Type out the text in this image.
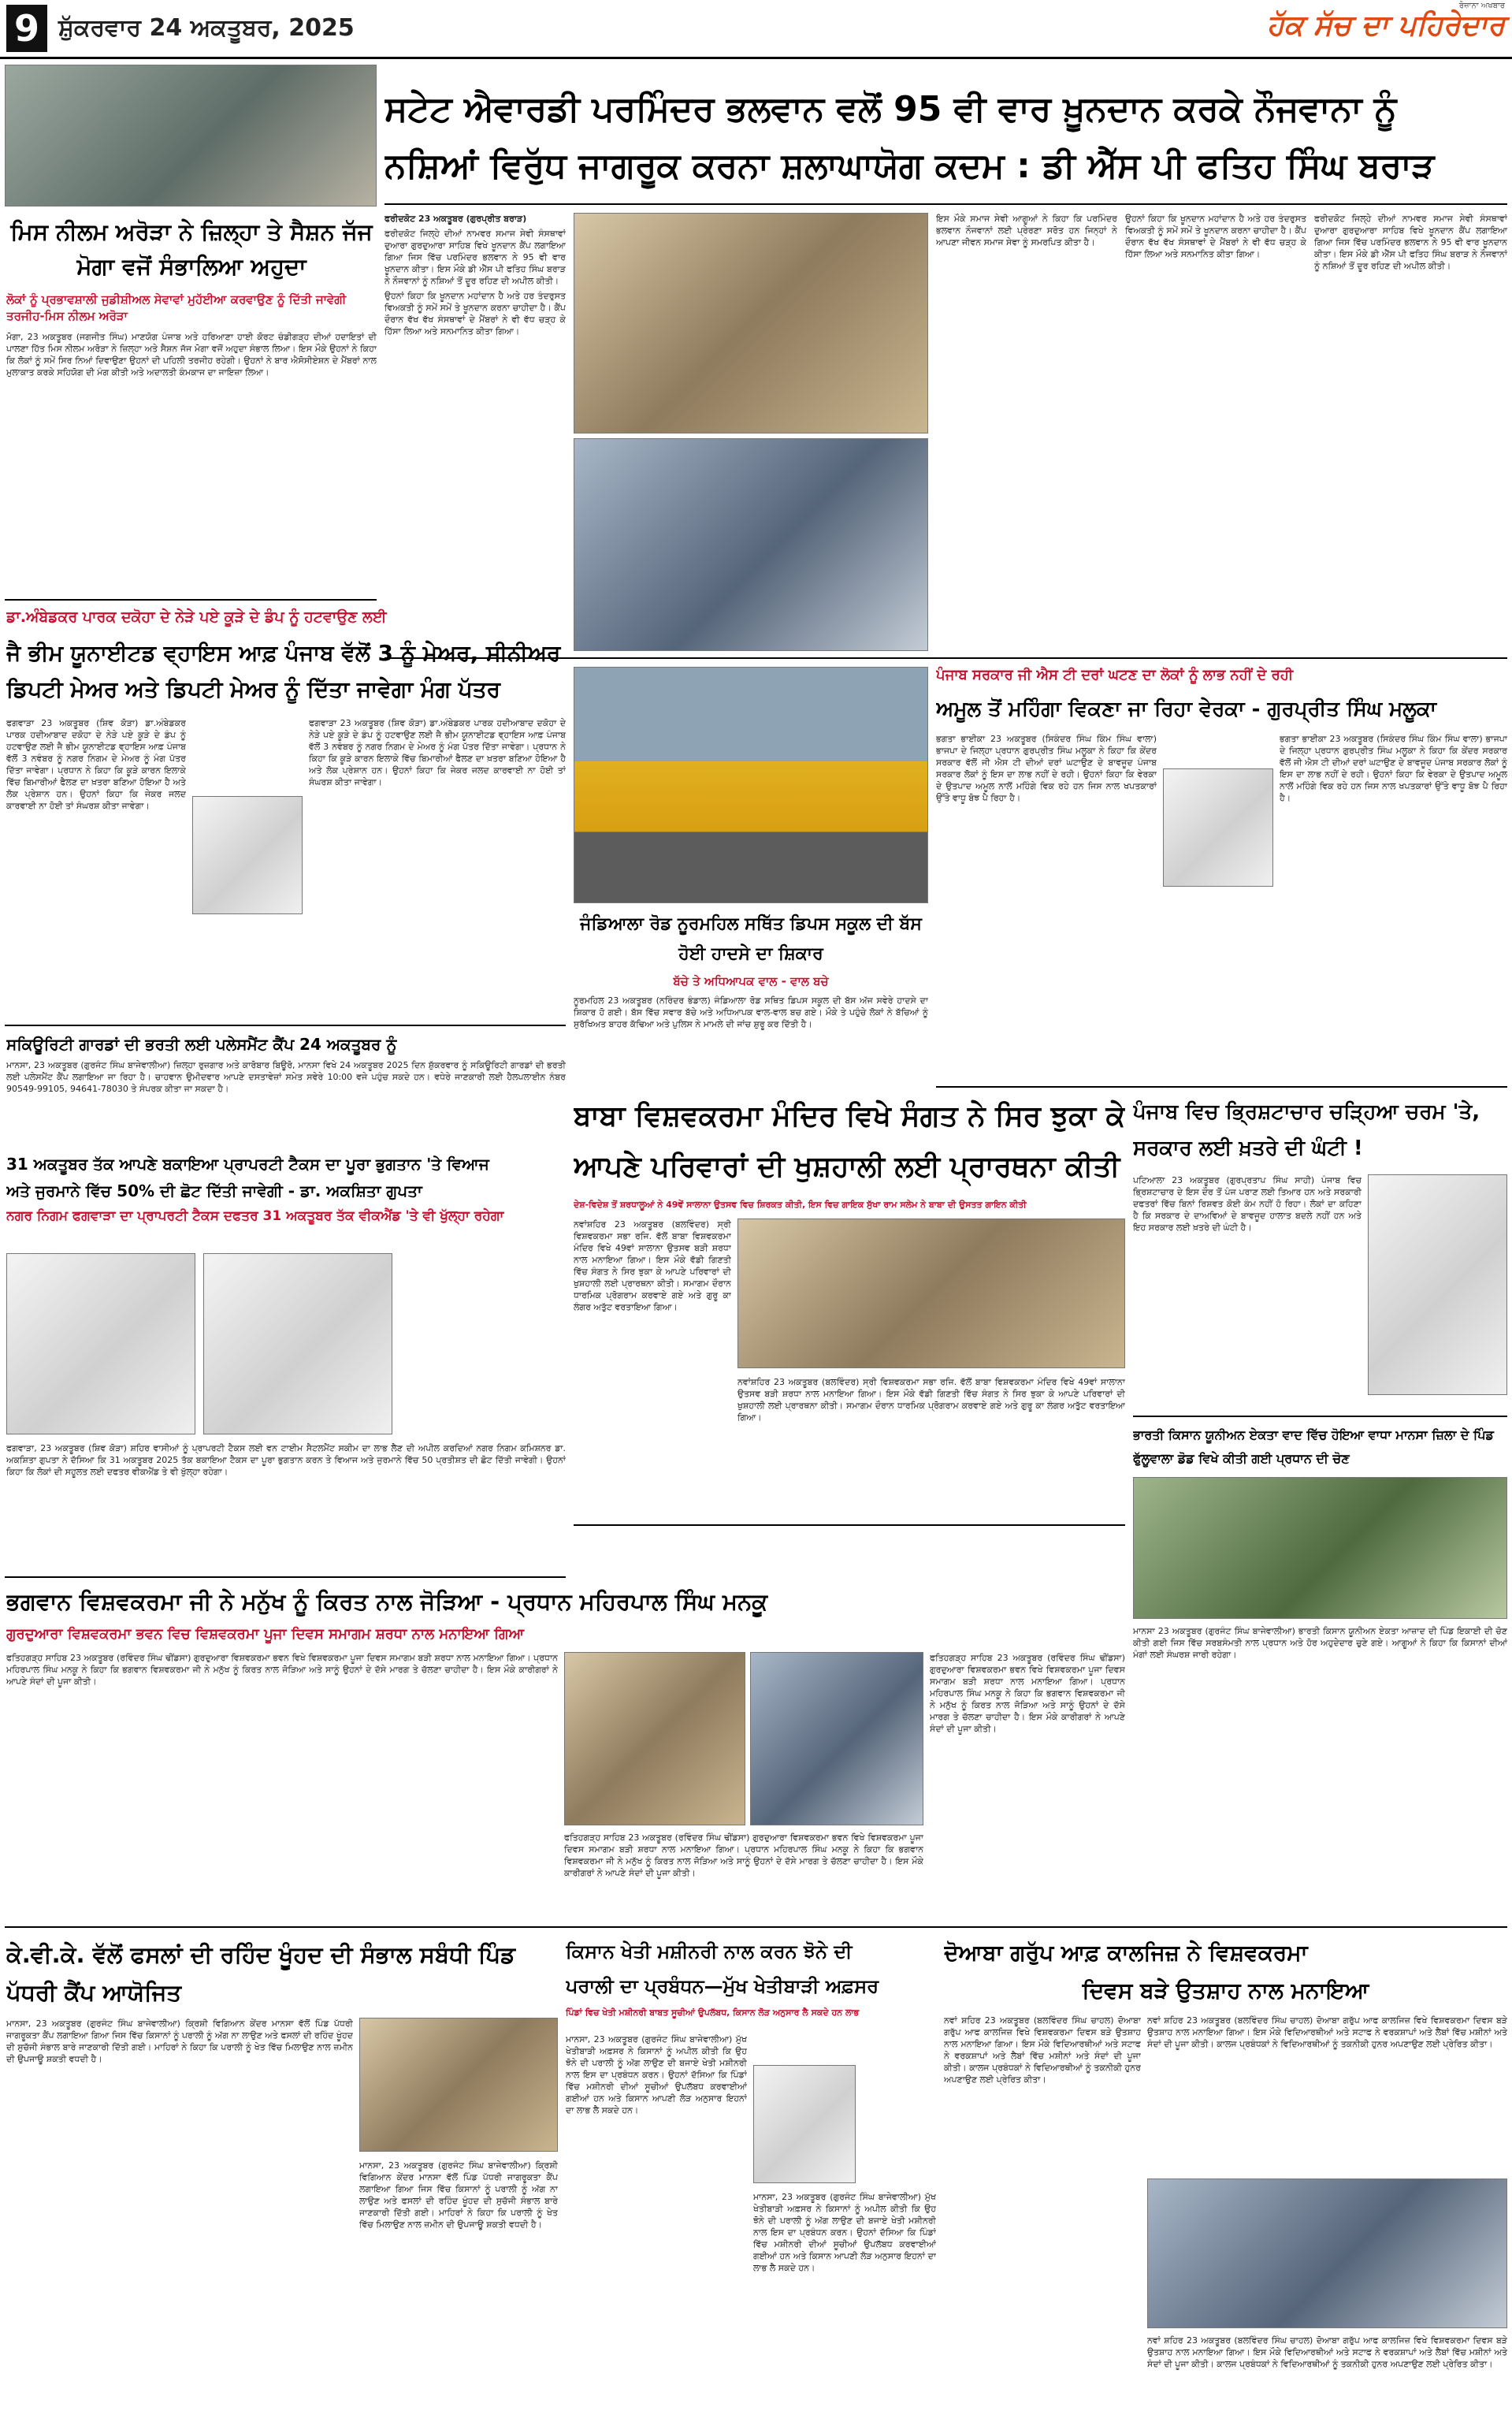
9 ਸ਼ੁੱਕਰਵਾਰ 24 ਅਕਤੂਬਰ, 2025
ਰੋਜ਼ਾਨਾ ਅਖਬਾਰ
ਹੱਕ ਸੱਚ ਦਾ ਪਹਿਰੇਦਾਰ
ਸਟੇਟ ਐਵਾਰਡੀ ਪਰਮਿੰਦਰ ਭਲਵਾਨ ਵਲੋਂ 95 ਵੀ ਵਾਰ ਖ਼ੂਨਦਾਨ ਕਰਕੇ ਨੌਜਵਾਨਾ ਨੂੰ
ਨਸ਼ਿਆਂ ਵਿਰੁੱਧ ਜਾਗਰੂਕ ਕਰਨਾ ਸ਼ਲਾਘਾਯੋਗ ਕਦਮ : ਡੀ ਐੱਸ ਪੀ ਫਤਿਹ ਸਿੰਘ ਬਰਾੜ
ਮਿਸ ਨੀਲਮ ਅਰੋੜਾ ਨੇ ਜ਼ਿਲ੍ਹਾ ਤੇ ਸੈਸ਼ਨ ਜੱਜ ਮੋਗਾ ਵਜੋਂ ਸੰਭਾਲਿਆ ਅਹੁਦਾ
ਲੋਕਾਂ ਨੂੰ ਪ੍ਰਭਾਵਸ਼ਾਲੀ ਜੁਡੀਸ਼ੀਅਲ ਸੇਵਾਵਾਂ ਮੁਹੱਈਆ ਕਰਵਾਉਣ ਨੂੰ ਦਿੱਤੀ ਜਾਵੇਗੀ ਤਰਜੀਹ-ਮਿਸ ਨੀਲਮ ਅਰੋੜਾ
ਮੋਗਾ, 23 ਅਕਤੂਬਰ (ਜਗਜੀਤ ਸਿੰਘ) ਮਾਣਯੋਗ ਪੰਜਾਬ ਅਤੇ ਹਰਿਆਣਾ ਹਾਈ ਕੋਰਟ ਚੰਡੀਗੜ੍ਹ ਦੀਆਂ ਹਦਾਇਤਾਂ ਦੀ ਪਾਲਣਾ ਹਿੱਤ ਮਿਸ ਨੀਲਮ ਅਰੋੜਾ ਨੇ ਜ਼ਿਲ੍ਹਾ ਅਤੇ ਸੈਸ਼ਨ ਜੱਜ ਮੋਗਾ ਵਜੋਂ ਅਹੁਦਾ ਸੰਭਾਲ ਲਿਆ। ਇਸ ਮੌਕੇ ਉਹਨਾਂ ਨੇ ਕਿਹਾ ਕਿ ਲੋਕਾਂ ਨੂੰ ਸਮੇਂ ਸਿਰ ਨਿਆਂ ਦਿਵਾਉਣਾ ਉਹਨਾਂ ਦੀ ਪਹਿਲੀ ਤਰਜੀਹ ਰਹੇਗੀ। ਉਹਨਾਂ ਨੇ ਬਾਰ ਐਸੋਸੀਏਸ਼ਨ ਦੇ ਮੈਂਬਰਾਂ ਨਾਲ ਮੁਲਾਕਾਤ ਕਰਕੇ ਸਹਿਯੋਗ ਦੀ ਮੰਗ ਕੀਤੀ ਅਤੇ ਅਦਾਲਤੀ ਕੰਮਕਾਜ ਦਾ ਜਾਇਜ਼ਾ ਲਿਆ।

ਫਰੀਦਕੋਟ 23 ਅਕਤੂਬਰ (ਗੁਰਪ੍ਰੀਤ ਬਰਾੜ)

ਫਰੀਦਕੋਟ ਜਿਲ੍ਹੇ ਦੀਆਂ ਨਾਮਵਰ ਸਮਾਜ ਸੇਵੀ ਸੰਸਥਾਵਾਂ ਦੁਆਰਾ ਗੁਰਦੁਆਰਾ ਸਾਹਿਬ ਵਿਖੇ ਖੂਨਦਾਨ ਕੈਂਪ ਲਗਾਇਆ ਗਿਆ ਜਿਸ ਵਿੱਚ ਪਰਮਿੰਦਰ ਭਲਵਾਨ ਨੇ 95 ਵੀ ਵਾਰ ਖੂਨਦਾਨ ਕੀਤਾ। ਇਸ ਮੌਕੇ ਡੀ ਐੱਸ ਪੀ ਫਤਿਹ ਸਿੰਘ ਬਰਾੜ ਨੇ ਨੌਜਵਾਨਾਂ ਨੂੰ ਨਸ਼ਿਆਂ ਤੋਂ ਦੂਰ ਰਹਿਣ ਦੀ ਅਪੀਲ ਕੀਤੀ।

ਉਹਨਾਂ ਕਿਹਾ ਕਿ ਖੂਨਦਾਨ ਮਹਾਂਦਾਨ ਹੈ ਅਤੇ ਹਰ ਤੰਦਰੁਸਤ ਵਿਅਕਤੀ ਨੂੰ ਸਮੇਂ ਸਮੇਂ ਤੇ ਖੂਨਦਾਨ ਕਰਨਾ ਚਾਹੀਦਾ ਹੈ। ਕੈਂਪ ਦੌਰਾਨ ਵੱਖ ਵੱਖ ਸੰਸਥਾਵਾਂ ਦੇ ਮੈਂਬਰਾਂ ਨੇ ਵੀ ਵੱਧ ਚੜ੍ਹ ਕੇ ਹਿੱਸਾ ਲਿਆ ਅਤੇ ਸਨਮਾਨਿਤ ਕੀਤਾ ਗਿਆ।

ਇਸ ਮੌਕੇ ਸਮਾਜ ਸੇਵੀ ਆਗੂਆਂ ਨੇ ਕਿਹਾ ਕਿ ਪਰਮਿੰਦਰ ਭਲਵਾਨ ਨੌਜਵਾਨਾਂ ਲਈ ਪ੍ਰੇਰਣਾ ਸਰੋਤ ਹਨ ਜਿਨ੍ਹਾਂ ਨੇ ਆਪਣਾ ਜੀਵਨ ਸਮਾਜ ਸੇਵਾ ਨੂੰ ਸਮਰਪਿਤ ਕੀਤਾ ਹੈ।
ਉਹਨਾਂ ਕਿਹਾ ਕਿ ਖੂਨਦਾਨ ਮਹਾਂਦਾਨ ਹੈ ਅਤੇ ਹਰ ਤੰਦਰੁਸਤ ਵਿਅਕਤੀ ਨੂੰ ਸਮੇਂ ਸਮੇਂ ਤੇ ਖੂਨਦਾਨ ਕਰਨਾ ਚਾਹੀਦਾ ਹੈ। ਕੈਂਪ ਦੌਰਾਨ ਵੱਖ ਵੱਖ ਸੰਸਥਾਵਾਂ ਦੇ ਮੈਂਬਰਾਂ ਨੇ ਵੀ ਵੱਧ ਚੜ੍ਹ ਕੇ ਹਿੱਸਾ ਲਿਆ ਅਤੇ ਸਨਮਾਨਿਤ ਕੀਤਾ ਗਿਆ।
ਫਰੀਦਕੋਟ ਜਿਲ੍ਹੇ ਦੀਆਂ ਨਾਮਵਰ ਸਮਾਜ ਸੇਵੀ ਸੰਸਥਾਵਾਂ ਦੁਆਰਾ ਗੁਰਦੁਆਰਾ ਸਾਹਿਬ ਵਿਖੇ ਖੂਨਦਾਨ ਕੈਂਪ ਲਗਾਇਆ ਗਿਆ ਜਿਸ ਵਿੱਚ ਪਰਮਿੰਦਰ ਭਲਵਾਨ ਨੇ 95 ਵੀ ਵਾਰ ਖੂਨਦਾਨ ਕੀਤਾ। ਇਸ ਮੌਕੇ ਡੀ ਐੱਸ ਪੀ ਫਤਿਹ ਸਿੰਘ ਬਰਾੜ ਨੇ ਨੌਜਵਾਨਾਂ ਨੂੰ ਨਸ਼ਿਆਂ ਤੋਂ ਦੂਰ ਰਹਿਣ ਦੀ ਅਪੀਲ ਕੀਤੀ।
ਡਾ.ਅੰਬੇਡਕਰ ਪਾਰਕ ਦਕੋਹਾ ਦੇ ਨੇੜੇ ਪਏ ਕੂੜੇ ਦੇ ਡੰਪ ਨੂੰ ਹਟਵਾਉਣ ਲਈ
ਜੈ ਭੀਮ ਯੂਨਾਈਟਡ ਵ੍ਹਾਇਸ ਆਫ਼ ਪੰਜਾਬ ਵੱਲੋਂ 3 ਨੂੰ ਮੇਅਰ, ਸੀਨੀਅਰ ਡਿਪਟੀ ਮੇਅਰ ਅਤੇ ਡਿਪਟੀ ਮੇਅਰ ਨੂੰ ਦਿੱਤਾ ਜਾਵੇਗਾ ਮੰਗ ਪੱਤਰ
ਫਗਵਾੜਾ 23 ਅਕਤੂਬਰ (ਸ਼ਿਵ ਕੋੜਾ) ਡਾ.ਅੰਬੇਡਕਰ ਪਾਰਕ ਹਦੀਆਬਾਦ ਦਕੋਹਾ ਦੇ ਨੇੜੇ ਪਏ ਕੂੜੇ ਦੇ ਡੰਪ ਨੂੰ ਹਟਵਾਉਣ ਲਈ ਜੈ ਭੀਮ ਯੂਨਾਈਟਡ ਵ੍ਹਾਇਸ ਆਫ਼ ਪੰਜਾਬ ਵੱਲੋਂ 3 ਨਵੰਬਰ ਨੂੰ ਨਗਰ ਨਿਗਮ ਦੇ ਮੇਅਰ ਨੂੰ ਮੰਗ ਪੱਤਰ ਦਿੱਤਾ ਜਾਵੇਗਾ। ਪ੍ਰਧਾਨ ਨੇ ਕਿਹਾ ਕਿ ਕੂੜੇ ਕਾਰਨ ਇਲਾਕੇ ਵਿੱਚ ਬਿਮਾਰੀਆਂ ਫੈਲਣ ਦਾ ਖ਼ਤਰਾ ਬਣਿਆ ਹੋਇਆ ਹੈ ਅਤੇ ਲੋਕ ਪ੍ਰੇਸ਼ਾਨ ਹਨ। ਉਹਨਾਂ ਕਿਹਾ ਕਿ ਜੇਕਰ ਜਲਦ ਕਾਰਵਾਈ ਨਾ ਹੋਈ ਤਾਂ ਸੰਘਰਸ਼ ਕੀਤਾ ਜਾਵੇਗਾ।
ਫਗਵਾੜਾ 23 ਅਕਤੂਬਰ (ਸ਼ਿਵ ਕੋੜਾ) ਡਾ.ਅੰਬੇਡਕਰ ਪਾਰਕ ਹਦੀਆਬਾਦ ਦਕੋਹਾ ਦੇ ਨੇੜੇ ਪਏ ਕੂੜੇ ਦੇ ਡੰਪ ਨੂੰ ਹਟਵਾਉਣ ਲਈ ਜੈ ਭੀਮ ਯੂਨਾਈਟਡ ਵ੍ਹਾਇਸ ਆਫ਼ ਪੰਜਾਬ ਵੱਲੋਂ 3 ਨਵੰਬਰ ਨੂੰ ਨਗਰ ਨਿਗਮ ਦੇ ਮੇਅਰ ਨੂੰ ਮੰਗ ਪੱਤਰ ਦਿੱਤਾ ਜਾਵੇਗਾ। ਪ੍ਰਧਾਨ ਨੇ ਕਿਹਾ ਕਿ ਕੂੜੇ ਕਾਰਨ ਇਲਾਕੇ ਵਿੱਚ ਬਿਮਾਰੀਆਂ ਫੈਲਣ ਦਾ ਖ਼ਤਰਾ ਬਣਿਆ ਹੋਇਆ ਹੈ ਅਤੇ ਲੋਕ ਪ੍ਰੇਸ਼ਾਨ ਹਨ। ਉਹਨਾਂ ਕਿਹਾ ਕਿ ਜੇਕਰ ਜਲਦ ਕਾਰਵਾਈ ਨਾ ਹੋਈ ਤਾਂ ਸੰਘਰਸ਼ ਕੀਤਾ ਜਾਵੇਗਾ।
ਜੰਡਿਆਲਾ ਰੋਡ ਨੂਰਮਹਿਲ ਸਥਿੱਤ ਡਿਪਸ ਸਕੂਲ ਦੀ ਬੱਸ ਹੋਈ ਹਾਦਸੇ ਦਾ ਸ਼ਿਕਾਰ
ਬੱਚੇ ਤੇ ਅਧਿਆਪਕ ਵਾਲ - ਵਾਲ ਬਚੇ
ਨੂਰਮਹਿਲ 23 ਅਕਤੂਬਰ (ਨਰਿੰਦਰ ਭੰਡਾਲ) ਜੰਡਿਆਲਾ ਰੋਡ ਸਥਿਤ ਡਿਪਸ ਸਕੂਲ ਦੀ ਬੱਸ ਅੱਜ ਸਵੇਰੇ ਹਾਦਸੇ ਦਾ ਸ਼ਿਕਾਰ ਹੋ ਗਈ। ਬੱਸ ਵਿੱਚ ਸਵਾਰ ਬੱਚੇ ਅਤੇ ਅਧਿਆਪਕ ਵਾਲ-ਵਾਲ ਬਚ ਗਏ। ਮੌਕੇ ਤੇ ਪਹੁੰਚੇ ਲੋਕਾਂ ਨੇ ਬੱਚਿਆਂ ਨੂੰ ਸੁਰੱਖਿਅਤ ਬਾਹਰ ਕੱਢਿਆ ਅਤੇ ਪੁਲਿਸ ਨੇ ਮਾਮਲੇ ਦੀ ਜਾਂਚ ਸ਼ੁਰੂ ਕਰ ਦਿੱਤੀ ਹੈ।
ਪੰਜਾਬ ਸਰਕਾਰ ਜੀ ਐਸ ਟੀ ਦਰਾਂ ਘਟਣ ਦਾ ਲੋਕਾਂ ਨੂੰ ਲਾਭ ਨਹੀਂ ਦੇ ਰਹੀ
ਅਮੂਲ ਤੋਂ ਮਹਿੰਗਾ ਵਿਕਣਾ ਜਾ ਰਿਹਾ ਵੇਰਕਾ - ਗੁਰਪ੍ਰੀਤ ਸਿੰਘ ਮਲੂਕਾ
ਭਗਤਾ ਭਾਈਕਾ 23 ਅਕਤੂਬਰ (ਸਿਕੰਦਰ ਸਿੰਘ ਕਿੰਮ ਸਿੰਘ ਵਾਲਾ) ਭਾਜਪਾ ਦੇ ਜਿਲ੍ਹਾ ਪ੍ਰਧਾਨ ਗੁਰਪ੍ਰੀਤ ਸਿੰਘ ਮਲੂਕਾ ਨੇ ਕਿਹਾ ਕਿ ਕੇਂਦਰ ਸਰਕਾਰ ਵੱਲੋਂ ਜੀ ਐਸ ਟੀ ਦੀਆਂ ਦਰਾਂ ਘਟਾਉਣ ਦੇ ਬਾਵਜੂਦ ਪੰਜਾਬ ਸਰਕਾਰ ਲੋਕਾਂ ਨੂੰ ਇਸ ਦਾ ਲਾਭ ਨਹੀਂ ਦੇ ਰਹੀ। ਉਹਨਾਂ ਕਿਹਾ ਕਿ ਵੇਰਕਾ ਦੇ ਉਤਪਾਦ ਅਮੂਲ ਨਾਲੋਂ ਮਹਿੰਗੇ ਵਿਕ ਰਹੇ ਹਨ ਜਿਸ ਨਾਲ ਖਪਤਕਾਰਾਂ ਉੱਤੇ ਵਾਧੂ ਬੋਝ ਪੈ ਰਿਹਾ ਹੈ।
ਭਗਤਾ ਭਾਈਕਾ 23 ਅਕਤੂਬਰ (ਸਿਕੰਦਰ ਸਿੰਘ ਕਿੰਮ ਸਿੰਘ ਵਾਲਾ) ਭਾਜਪਾ ਦੇ ਜਿਲ੍ਹਾ ਪ੍ਰਧਾਨ ਗੁਰਪ੍ਰੀਤ ਸਿੰਘ ਮਲੂਕਾ ਨੇ ਕਿਹਾ ਕਿ ਕੇਂਦਰ ਸਰਕਾਰ ਵੱਲੋਂ ਜੀ ਐਸ ਟੀ ਦੀਆਂ ਦਰਾਂ ਘਟਾਉਣ ਦੇ ਬਾਵਜੂਦ ਪੰਜਾਬ ਸਰਕਾਰ ਲੋਕਾਂ ਨੂੰ ਇਸ ਦਾ ਲਾਭ ਨਹੀਂ ਦੇ ਰਹੀ। ਉਹਨਾਂ ਕਿਹਾ ਕਿ ਵੇਰਕਾ ਦੇ ਉਤਪਾਦ ਅਮੂਲ ਨਾਲੋਂ ਮਹਿੰਗੇ ਵਿਕ ਰਹੇ ਹਨ ਜਿਸ ਨਾਲ ਖਪਤਕਾਰਾਂ ਉੱਤੇ ਵਾਧੂ ਬੋਝ ਪੈ ਰਿਹਾ ਹੈ।
ਸਕਿਊਰਿਟੀ ਗਾਰਡਾਂ ਦੀ ਭਰਤੀ ਲਈ ਪਲੇਸਮੈਂਟ ਕੈਂਪ 24 ਅਕਤੂਬਰ ਨੂੰ
ਮਾਨਸਾ, 23 ਅਕਤੂਬਰ (ਗੁਰਜੰਟ ਸਿੰਘ ਬਾਜੇਵਾਲੀਆ) ਜ਼ਿਲ੍ਹਾ ਰੁਜ਼ਗਾਰ ਅਤੇ ਕਾਰੋਬਾਰ ਬਿਊਰੋ, ਮਾਨਸਾ ਵਿਖੇ 24 ਅਕਤੂਬਰ 2025 ਦਿਨ ਸ਼ੁੱਕਰਵਾਰ ਨੂੰ ਸਕਿਊਰਿਟੀ ਗਾਰਡਾਂ ਦੀ ਭਰਤੀ ਲਈ ਪਲੇਸਮੈਂਟ ਕੈਂਪ ਲਗਾਇਆ ਜਾ ਰਿਹਾ ਹੈ। ਚਾਹਵਾਨ ਉਮੀਦਵਾਰ ਆਪਣੇ ਦਸਤਾਵੇਜ਼ਾਂ ਸਮੇਤ ਸਵੇਰੇ 10:00 ਵਜੇ ਪਹੁੰਚ ਸਕਦੇ ਹਨ। ਵਧੇਰੇ ਜਾਣਕਾਰੀ ਲਈ ਹੈਲਪਲਾਈਨ ਨੰਬਰ 90549-99105, 94641-78030 ਤੇ ਸੰਪਰਕ ਕੀਤਾ ਜਾ ਸਕਦਾ ਹੈ।
31 ਅਕਤੂਬਰ ਤੱਕ ਆਪਣੇ ਬਕਾਇਆ ਪ੍ਰਾਪਰਟੀ ਟੈਕਸ ਦਾ ਪੂਰਾ ਭੁਗਤਾਨ 'ਤੇ ਵਿਆਜ
ਅਤੇ ਜੁਰਮਾਨੇ ਵਿੱਚ 50% ਦੀ ਛੋਟ ਦਿੱਤੀ ਜਾਵੇਗੀ - ਡਾ. ਅਕਸ਼ਿਤਾ ਗੁਪਤਾ
ਨਗਰ ਨਿਗਮ ਫਗਵਾੜਾ ਦਾ ਪ੍ਰਾਪਰਟੀ ਟੈਕਸ ਦਫਤਰ 31 ਅਕਤੂਬਰ ਤੱਕ ਵੀਕਐਂਡ 'ਤੇ ਵੀ ਖੁੱਲ੍ਹਾ ਰਹੇਗਾ
ਫਗਵਾੜਾ, 23 ਅਕਤੂਬਰ (ਸ਼ਿਵ ਕੋੜਾ) ਸ਼ਹਿਰ ਵਾਸੀਆਂ ਨੂੰ ਪ੍ਰਾਪਰਟੀ ਟੈਕਸ ਲਈ ਵਨ ਟਾਈਮ ਸੈਟਲਮੈਂਟ ਸਕੀਮ ਦਾ ਲਾਭ ਲੈਣ ਦੀ ਅਪੀਲ ਕਰਦਿਆਂ ਨਗਰ ਨਿਗਮ ਕਮਿਸ਼ਨਰ ਡਾ. ਅਕਸ਼ਿਤਾ ਗੁਪਤਾ ਨੇ ਦੱਸਿਆ ਕਿ 31 ਅਕਤੂਬਰ 2025 ਤੱਕ ਬਕਾਇਆ ਟੈਕਸ ਦਾ ਪੂਰਾ ਭੁਗਤਾਨ ਕਰਨ ਤੇ ਵਿਆਜ ਅਤੇ ਜੁਰਮਾਨੇ ਵਿੱਚ 50 ਪ੍ਰਤੀਸ਼ਤ ਦੀ ਛੋਟ ਦਿੱਤੀ ਜਾਵੇਗੀ। ਉਹਨਾਂ ਕਿਹਾ ਕਿ ਲੋਕਾਂ ਦੀ ਸਹੂਲਤ ਲਈ ਦਫਤਰ ਵੀਕਐਂਡ ਤੇ ਵੀ ਖੁੱਲ੍ਹਾ ਰਹੇਗਾ।
ਬਾਬਾ ਵਿਸ਼ਵਕਰਮਾ ਮੰਦਿਰ ਵਿਖੇ ਸੰਗਤ ਨੇ ਸਿਰ ਝੁਕਾ ਕੇ
ਆਪਣੇ ਪਰਿਵਾਰਾਂ ਦੀ ਖੁਸ਼ਹਾਲੀ ਲਈ ਪ੍ਰਾਰਥਨਾ ਕੀਤੀ
ਦੇਸ਼-ਵਿਦੇਸ਼ ਤੋਂ ਸ਼ਰਧਾਲੂਆਂ ਨੇ 49ਵੇਂ ਸਾਲਾਨਾ ਉਤਸਵ ਵਿਚ ਸ਼ਿਰਕਤ ਕੀਤੀ, ਇਸ ਵਿਚ ਗਾਇਕ ਸੁੱਖਾ ਰਾਮ ਸਲੇਮ ਨੇ ਬਾਬਾ ਦੀ ਉਸਤਤ ਗਾਇਨ ਕੀਤੀ
ਨਵਾਂਸ਼ਹਿਰ 23 ਅਕਤੂਬਰ (ਬਲਵਿੰਦਰ) ਸ੍ਰੀ ਵਿਸ਼ਵਕਰਮਾ ਸਭਾ ਰਜਿ. ਵੱਲੋਂ ਬਾਬਾ ਵਿਸ਼ਵਕਰਮਾ ਮੰਦਿਰ ਵਿਖੇ 49ਵਾਂ ਸਾਲਾਨਾ ਉਤਸਵ ਬੜੀ ਸ਼ਰਧਾ ਨਾਲ ਮਨਾਇਆ ਗਿਆ। ਇਸ ਮੌਕੇ ਵੱਡੀ ਗਿਣਤੀ ਵਿੱਚ ਸੰਗਤ ਨੇ ਸਿਰ ਝੁਕਾ ਕੇ ਆਪਣੇ ਪਰਿਵਾਰਾਂ ਦੀ ਖੁਸ਼ਹਾਲੀ ਲਈ ਪ੍ਰਾਰਥਨਾ ਕੀਤੀ। ਸਮਾਗਮ ਦੌਰਾਨ ਧਾਰਮਿਕ ਪ੍ਰੋਗਰਾਮ ਕਰਵਾਏ ਗਏ ਅਤੇ ਗੁਰੂ ਕਾ ਲੰਗਰ ਅਤੁੱਟ ਵਰਤਾਇਆ ਗਿਆ।
ਨਵਾਂਸ਼ਹਿਰ 23 ਅਕਤੂਬਰ (ਬਲਵਿੰਦਰ) ਸ੍ਰੀ ਵਿਸ਼ਵਕਰਮਾ ਸਭਾ ਰਜਿ. ਵੱਲੋਂ ਬਾਬਾ ਵਿਸ਼ਵਕਰਮਾ ਮੰਦਿਰ ਵਿਖੇ 49ਵਾਂ ਸਾਲਾਨਾ ਉਤਸਵ ਬੜੀ ਸ਼ਰਧਾ ਨਾਲ ਮਨਾਇਆ ਗਿਆ। ਇਸ ਮੌਕੇ ਵੱਡੀ ਗਿਣਤੀ ਵਿੱਚ ਸੰਗਤ ਨੇ ਸਿਰ ਝੁਕਾ ਕੇ ਆਪਣੇ ਪਰਿਵਾਰਾਂ ਦੀ ਖੁਸ਼ਹਾਲੀ ਲਈ ਪ੍ਰਾਰਥਨਾ ਕੀਤੀ। ਸਮਾਗਮ ਦੌਰਾਨ ਧਾਰਮਿਕ ਪ੍ਰੋਗਰਾਮ ਕਰਵਾਏ ਗਏ ਅਤੇ ਗੁਰੂ ਕਾ ਲੰਗਰ ਅਤੁੱਟ ਵਰਤਾਇਆ ਗਿਆ।
ਪੰਜਾਬ ਵਿਚ ਭ੍ਰਿਸ਼ਟਾਚਾਰ ਚੜ੍ਹਿਆ ਚਰਮ 'ਤੇ, ਸਰਕਾਰ ਲਈ ਖ਼ਤਰੇ ਦੀ ਘੰਟੀ !
ਪਟਿਆਲਾ 23 ਅਕਤੂਬਰ (ਗੁਰਪ੍ਰਤਾਪ ਸਿੰਘ ਸਾਹੀ) ਪੰਜਾਬ ਵਿਚ ਭ੍ਰਿਸ਼ਟਾਚਾਰ ਦੇ ਇਸ ਦੌਰ ਤੋਂ ਪੰਜ ਪਰਾਣ ਲਈ ਤਿਆਰ ਹਨ ਅਤੇ ਸਰਕਾਰੀ ਦਫਤਰਾਂ ਵਿੱਚ ਬਿਨਾਂ ਰਿਸ਼ਵਤ ਕੋਈ ਕੰਮ ਨਹੀਂ ਹੋ ਰਿਹਾ। ਲੋਕਾਂ ਦਾ ਕਹਿਣਾ ਹੈ ਕਿ ਸਰਕਾਰ ਦੇ ਦਾਅਵਿਆਂ ਦੇ ਬਾਵਜੂਦ ਹਾਲਾਤ ਬਦਲੇ ਨਹੀਂ ਹਨ ਅਤੇ ਇਹ ਸਰਕਾਰ ਲਈ ਖ਼ਤਰੇ ਦੀ ਘੰਟੀ ਹੈ।
ਭਾਰਤੀ ਕਿਸਾਨ ਯੂਨੀਅਨ ਏਕਤਾ ਵਾਦ ਵਿੱਚ ਹੋਇਆ ਵਾਧਾ ਮਾਨਸਾ ਜ਼ਿਲਾ ਦੇ ਪਿੰਡ ਫੁੱਲੂਵਾਲਾ ਡੋਡ ਵਿਖੇ ਕੀਤੀ ਗਈ ਪ੍ਰਧਾਨ ਦੀ ਚੋਣ
ਮਾਨਸਾ 23 ਅਕਤੂਬਰ (ਗੁਰਜੰਟ ਸਿੰਘ ਬਾਜੇਵਾਲੀਆ) ਭਾਰਤੀ ਕਿਸਾਨ ਯੂਨੀਅਨ ਏਕਤਾ ਆਜ਼ਾਦ ਦੀ ਪਿੰਡ ਇਕਾਈ ਦੀ ਚੋਣ ਕੀਤੀ ਗਈ ਜਿਸ ਵਿੱਚ ਸਰਬਸੰਮਤੀ ਨਾਲ ਪ੍ਰਧਾਨ ਅਤੇ ਹੋਰ ਅਹੁਦੇਦਾਰ ਚੁਣੇ ਗਏ। ਆਗੂਆਂ ਨੇ ਕਿਹਾ ਕਿ ਕਿਸਾਨਾਂ ਦੀਆਂ ਮੰਗਾਂ ਲਈ ਸੰਘਰਸ਼ ਜਾਰੀ ਰਹੇਗਾ।
ਭਗਵਾਨ ਵਿਸ਼ਵਕਰਮਾ ਜੀ ਨੇ ਮਨੁੱਖ ਨੂੰ ਕਿਰਤ ਨਾਲ ਜੋੜਿਆ - ਪ੍ਰਧਾਨ ਮਹਿਰਪਾਲ ਸਿੰਘ ਮਨਕੂ
ਗੁਰਦੁਆਰਾ ਵਿਸ਼ਵਕਰਮਾ ਭਵਨ ਵਿਚ ਵਿਸ਼ਵਕਰਮਾ ਪੂਜਾ ਦਿਵਸ ਸਮਾਗਮ ਸ਼ਰਧਾ ਨਾਲ ਮਨਾਇਆ ਗਿਆ
ਫਤਿਹਗੜ੍ਹ ਸਾਹਿਬ 23 ਅਕਤੂਬਰ (ਰਵਿੰਦਰ ਸਿੰਘ ਢੀਂਡਸਾ) ਗੁਰਦੁਆਰਾ ਵਿਸ਼ਵਕਰਮਾ ਭਵਨ ਵਿਖੇ ਵਿਸ਼ਵਕਰਮਾ ਪੂਜਾ ਦਿਵਸ ਸਮਾਗਮ ਬੜੀ ਸ਼ਰਧਾ ਨਾਲ ਮਨਾਇਆ ਗਿਆ। ਪ੍ਰਧਾਨ ਮਹਿਰਪਾਲ ਸਿੰਘ ਮਨਕੂ ਨੇ ਕਿਹਾ ਕਿ ਭਗਵਾਨ ਵਿਸ਼ਵਕਰਮਾ ਜੀ ਨੇ ਮਨੁੱਖ ਨੂੰ ਕਿਰਤ ਨਾਲ ਜੋੜਿਆ ਅਤੇ ਸਾਨੂੰ ਉਹਨਾਂ ਦੇ ਦੱਸੇ ਮਾਰਗ ਤੇ ਚੱਲਣਾ ਚਾਹੀਦਾ ਹੈ। ਇਸ ਮੌਕੇ ਕਾਰੀਗਰਾਂ ਨੇ ਆਪਣੇ ਸੰਦਾਂ ਦੀ ਪੂਜਾ ਕੀਤੀ।
ਫਤਿਹਗੜ੍ਹ ਸਾਹਿਬ 23 ਅਕਤੂਬਰ (ਰਵਿੰਦਰ ਸਿੰਘ ਢੀਂਡਸਾ) ਗੁਰਦੁਆਰਾ ਵਿਸ਼ਵਕਰਮਾ ਭਵਨ ਵਿਖੇ ਵਿਸ਼ਵਕਰਮਾ ਪੂਜਾ ਦਿਵਸ ਸਮਾਗਮ ਬੜੀ ਸ਼ਰਧਾ ਨਾਲ ਮਨਾਇਆ ਗਿਆ। ਪ੍ਰਧਾਨ ਮਹਿਰਪਾਲ ਸਿੰਘ ਮਨਕੂ ਨੇ ਕਿਹਾ ਕਿ ਭਗਵਾਨ ਵਿਸ਼ਵਕਰਮਾ ਜੀ ਨੇ ਮਨੁੱਖ ਨੂੰ ਕਿਰਤ ਨਾਲ ਜੋੜਿਆ ਅਤੇ ਸਾਨੂੰ ਉਹਨਾਂ ਦੇ ਦੱਸੇ ਮਾਰਗ ਤੇ ਚੱਲਣਾ ਚਾਹੀਦਾ ਹੈ। ਇਸ ਮੌਕੇ ਕਾਰੀਗਰਾਂ ਨੇ ਆਪਣੇ ਸੰਦਾਂ ਦੀ ਪੂਜਾ ਕੀਤੀ।
ਫਤਿਹਗੜ੍ਹ ਸਾਹਿਬ 23 ਅਕਤੂਬਰ (ਰਵਿੰਦਰ ਸਿੰਘ ਢੀਂਡਸਾ) ਗੁਰਦੁਆਰਾ ਵਿਸ਼ਵਕਰਮਾ ਭਵਨ ਵਿਖੇ ਵਿਸ਼ਵਕਰਮਾ ਪੂਜਾ ਦਿਵਸ ਸਮਾਗਮ ਬੜੀ ਸ਼ਰਧਾ ਨਾਲ ਮਨਾਇਆ ਗਿਆ। ਪ੍ਰਧਾਨ ਮਹਿਰਪਾਲ ਸਿੰਘ ਮਨਕੂ ਨੇ ਕਿਹਾ ਕਿ ਭਗਵਾਨ ਵਿਸ਼ਵਕਰਮਾ ਜੀ ਨੇ ਮਨੁੱਖ ਨੂੰ ਕਿਰਤ ਨਾਲ ਜੋੜਿਆ ਅਤੇ ਸਾਨੂੰ ਉਹਨਾਂ ਦੇ ਦੱਸੇ ਮਾਰਗ ਤੇ ਚੱਲਣਾ ਚਾਹੀਦਾ ਹੈ। ਇਸ ਮੌਕੇ ਕਾਰੀਗਰਾਂ ਨੇ ਆਪਣੇ ਸੰਦਾਂ ਦੀ ਪੂਜਾ ਕੀਤੀ।
ਕੇ.ਵੀ.ਕੇ. ਵੱਲੋਂ ਫਸਲਾਂ ਦੀ ਰਹਿੰਦ ਖੂੰਹਦ ਦੀ ਸੰਭਾਲ ਸਬੰਧੀ ਪਿੰਡ ਪੱਧਰੀ ਕੈਂਪ ਆਯੋਜਿਤ
ਮਾਨਸਾ, 23 ਅਕਤੂਬਰ (ਗੁਰਜੰਟ ਸਿੰਘ ਬਾਜੇਵਾਲੀਆ) ਕ੍ਰਿਸ਼ੀ ਵਿਗਿਆਨ ਕੇਂਦਰ ਮਾਨਸਾ ਵੱਲੋਂ ਪਿੰਡ ਪੱਧਰੀ ਜਾਗਰੂਕਤਾ ਕੈਂਪ ਲਗਾਇਆ ਗਿਆ ਜਿਸ ਵਿੱਚ ਕਿਸਾਨਾਂ ਨੂੰ ਪਰਾਲੀ ਨੂੰ ਅੱਗ ਨਾ ਲਾਉਣ ਅਤੇ ਫਸਲਾਂ ਦੀ ਰਹਿੰਦ ਖੂੰਹਦ ਦੀ ਸੁਚੱਜੀ ਸੰਭਾਲ ਬਾਰੇ ਜਾਣਕਾਰੀ ਦਿੱਤੀ ਗਈ। ਮਾਹਿਰਾਂ ਨੇ ਕਿਹਾ ਕਿ ਪਰਾਲੀ ਨੂੰ ਖੇਤ ਵਿੱਚ ਮਿਲਾਉਣ ਨਾਲ ਜ਼ਮੀਨ ਦੀ ਉਪਜਾਊ ਸ਼ਕਤੀ ਵਧਦੀ ਹੈ।
ਮਾਨਸਾ, 23 ਅਕਤੂਬਰ (ਗੁਰਜੰਟ ਸਿੰਘ ਬਾਜੇਵਾਲੀਆ) ਕ੍ਰਿਸ਼ੀ ਵਿਗਿਆਨ ਕੇਂਦਰ ਮਾਨਸਾ ਵੱਲੋਂ ਪਿੰਡ ਪੱਧਰੀ ਜਾਗਰੂਕਤਾ ਕੈਂਪ ਲਗਾਇਆ ਗਿਆ ਜਿਸ ਵਿੱਚ ਕਿਸਾਨਾਂ ਨੂੰ ਪਰਾਲੀ ਨੂੰ ਅੱਗ ਨਾ ਲਾਉਣ ਅਤੇ ਫਸਲਾਂ ਦੀ ਰਹਿੰਦ ਖੂੰਹਦ ਦੀ ਸੁਚੱਜੀ ਸੰਭਾਲ ਬਾਰੇ ਜਾਣਕਾਰੀ ਦਿੱਤੀ ਗਈ। ਮਾਹਿਰਾਂ ਨੇ ਕਿਹਾ ਕਿ ਪਰਾਲੀ ਨੂੰ ਖੇਤ ਵਿੱਚ ਮਿਲਾਉਣ ਨਾਲ ਜ਼ਮੀਨ ਦੀ ਉਪਜਾਊ ਸ਼ਕਤੀ ਵਧਦੀ ਹੈ।
ਕਿਸਾਨ ਖੇਤੀ ਮਸ਼ੀਨਰੀ ਨਾਲ ਕਰਨ ਝੋਨੇ ਦੀ
ਪਰਾਲੀ ਦਾ ਪ੍ਰਬੰਧਨ—ਮੁੱਖ ਖੇਤੀਬਾੜੀ ਅਫ਼ਸਰ
ਪਿੰਡਾਂ ਵਿਚ ਖੇਤੀ ਮਸ਼ੀਨਰੀ ਬਾਬਤ ਸੂਚੀਆਂ ਉਪਲੱਬਧ, ਕਿਸਾਨ ਲੋੜ ਅਨੁਸਾਰ ਲੈ ਸਕਦੇ ਹਨ ਲਾਭ
ਮਾਨਸਾ, 23 ਅਕਤੂਬਰ (ਗੁਰਜੰਟ ਸਿੰਘ ਬਾਜੇਵਾਲੀਆ) ਮੁੱਖ ਖੇਤੀਬਾੜੀ ਅਫ਼ਸਰ ਨੇ ਕਿਸਾਨਾਂ ਨੂੰ ਅਪੀਲ ਕੀਤੀ ਕਿ ਉਹ ਝੋਨੇ ਦੀ ਪਰਾਲੀ ਨੂੰ ਅੱਗ ਲਾਉਣ ਦੀ ਬਜਾਏ ਖੇਤੀ ਮਸ਼ੀਨਰੀ ਨਾਲ ਇਸ ਦਾ ਪ੍ਰਬੰਧਨ ਕਰਨ। ਉਹਨਾਂ ਦੱਸਿਆ ਕਿ ਪਿੰਡਾਂ ਵਿੱਚ ਮਸ਼ੀਨਰੀ ਦੀਆਂ ਸੂਚੀਆਂ ਉਪਲੱਬਧ ਕਰਵਾਈਆਂ ਗਈਆਂ ਹਨ ਅਤੇ ਕਿਸਾਨ ਆਪਣੀ ਲੋੜ ਅਨੁਸਾਰ ਇਹਨਾਂ ਦਾ ਲਾਭ ਲੈ ਸਕਦੇ ਹਨ।
ਮਾਨਸਾ, 23 ਅਕਤੂਬਰ (ਗੁਰਜੰਟ ਸਿੰਘ ਬਾਜੇਵਾਲੀਆ) ਮੁੱਖ ਖੇਤੀਬਾੜੀ ਅਫ਼ਸਰ ਨੇ ਕਿਸਾਨਾਂ ਨੂੰ ਅਪੀਲ ਕੀਤੀ ਕਿ ਉਹ ਝੋਨੇ ਦੀ ਪਰਾਲੀ ਨੂੰ ਅੱਗ ਲਾਉਣ ਦੀ ਬਜਾਏ ਖੇਤੀ ਮਸ਼ੀਨਰੀ ਨਾਲ ਇਸ ਦਾ ਪ੍ਰਬੰਧਨ ਕਰਨ। ਉਹਨਾਂ ਦੱਸਿਆ ਕਿ ਪਿੰਡਾਂ ਵਿੱਚ ਮਸ਼ੀਨਰੀ ਦੀਆਂ ਸੂਚੀਆਂ ਉਪਲੱਬਧ ਕਰਵਾਈਆਂ ਗਈਆਂ ਹਨ ਅਤੇ ਕਿਸਾਨ ਆਪਣੀ ਲੋੜ ਅਨੁਸਾਰ ਇਹਨਾਂ ਦਾ ਲਾਭ ਲੈ ਸਕਦੇ ਹਨ।
ਦੋਆਬਾ ਗਰੁੱਪ ਆਫ਼ ਕਾਲਜਿਜ਼ ਨੇ ਵਿਸ਼ਵਕਰਮਾ
ਦਿਵਸ ਬੜੇ ਉਤਸ਼ਾਹ ਨਾਲ ਮਨਾਇਆ
ਨਵਾਂ ਸ਼ਹਿਰ 23 ਅਕਤੂਬਰ (ਬਲਵਿੰਦਰ ਸਿੰਘ ਚਾਹਲ) ਦੋਆਬਾ ਗਰੁੱਪ ਆਫ ਕਾਲਜਿਜ਼ ਵਿਖੇ ਵਿਸ਼ਵਕਰਮਾ ਦਿਵਸ ਬੜੇ ਉਤਸ਼ਾਹ ਨਾਲ ਮਨਾਇਆ ਗਿਆ। ਇਸ ਮੌਕੇ ਵਿਦਿਆਰਥੀਆਂ ਅਤੇ ਸਟਾਫ ਨੇ ਵਰਕਸ਼ਾਪਾਂ ਅਤੇ ਲੈਬਾਂ ਵਿੱਚ ਮਸ਼ੀਨਾਂ ਅਤੇ ਸੰਦਾਂ ਦੀ ਪੂਜਾ ਕੀਤੀ। ਕਾਲਜ ਪ੍ਰਬੰਧਕਾਂ ਨੇ ਵਿਦਿਆਰਥੀਆਂ ਨੂੰ ਤਕਨੀਕੀ ਹੁਨਰ ਅਪਣਾਉਣ ਲਈ ਪ੍ਰੇਰਿਤ ਕੀਤਾ।
ਨਵਾਂ ਸ਼ਹਿਰ 23 ਅਕਤੂਬਰ (ਬਲਵਿੰਦਰ ਸਿੰਘ ਚਾਹਲ) ਦੋਆਬਾ ਗਰੁੱਪ ਆਫ ਕਾਲਜਿਜ਼ ਵਿਖੇ ਵਿਸ਼ਵਕਰਮਾ ਦਿਵਸ ਬੜੇ ਉਤਸ਼ਾਹ ਨਾਲ ਮਨਾਇਆ ਗਿਆ। ਇਸ ਮੌਕੇ ਵਿਦਿਆਰਥੀਆਂ ਅਤੇ ਸਟਾਫ ਨੇ ਵਰਕਸ਼ਾਪਾਂ ਅਤੇ ਲੈਬਾਂ ਵਿੱਚ ਮਸ਼ੀਨਾਂ ਅਤੇ ਸੰਦਾਂ ਦੀ ਪੂਜਾ ਕੀਤੀ। ਕਾਲਜ ਪ੍ਰਬੰਧਕਾਂ ਨੇ ਵਿਦਿਆਰਥੀਆਂ ਨੂੰ ਤਕਨੀਕੀ ਹੁਨਰ ਅਪਣਾਉਣ ਲਈ ਪ੍ਰੇਰਿਤ ਕੀਤਾ।
ਨਵਾਂ ਸ਼ਹਿਰ 23 ਅਕਤੂਬਰ (ਬਲਵਿੰਦਰ ਸਿੰਘ ਚਾਹਲ) ਦੋਆਬਾ ਗਰੁੱਪ ਆਫ ਕਾਲਜਿਜ਼ ਵਿਖੇ ਵਿਸ਼ਵਕਰਮਾ ਦਿਵਸ ਬੜੇ ਉਤਸ਼ਾਹ ਨਾਲ ਮਨਾਇਆ ਗਿਆ। ਇਸ ਮੌਕੇ ਵਿਦਿਆਰਥੀਆਂ ਅਤੇ ਸਟਾਫ ਨੇ ਵਰਕਸ਼ਾਪਾਂ ਅਤੇ ਲੈਬਾਂ ਵਿੱਚ ਮਸ਼ੀਨਾਂ ਅਤੇ ਸੰਦਾਂ ਦੀ ਪੂਜਾ ਕੀਤੀ। ਕਾਲਜ ਪ੍ਰਬੰਧਕਾਂ ਨੇ ਵਿਦਿਆਰਥੀਆਂ ਨੂੰ ਤਕਨੀਕੀ ਹੁਨਰ ਅਪਣਾਉਣ ਲਈ ਪ੍ਰੇਰਿਤ ਕੀਤਾ।
